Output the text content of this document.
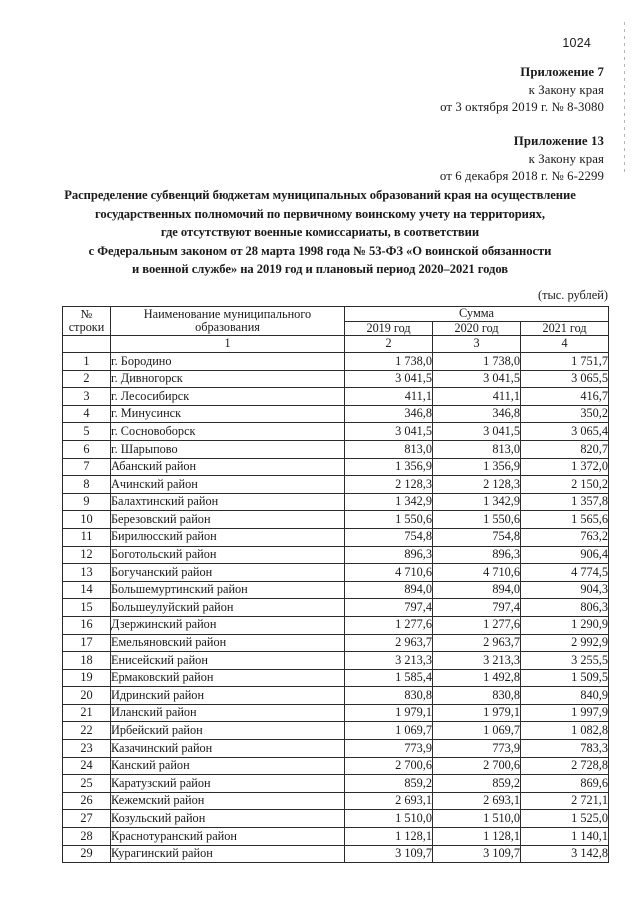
1024
Приложение 7
к Закону края
от 3 октября 2019 г. № 8-3080
Приложение 13
к Закону края
от 6 декабря 2018 г. № 6-2299
Распределение субвенций бюджетам муниципальных образований края на осуществление
государственных полномочий по первичному воинскому учету на территориях,
где отсутствуют военные комиссариаты, в соответствии
с Федеральным законом от 28 марта 1998 года № 53-ФЗ «О воинской обязанности
и военной службе» на 2019 год и плановый период 2020–2021 годов
(тыс. рублей)
№
строки	Наименование муниципального образования	Сумма		
		2019 год	2020 год	2021 год
	1	2	3	4
1	г. Бородино	1 738,0	1 738,0	1 751,7
2	г. Дивногорск	3 041,5	3 041,5	3 065,5
3	г. Лесосибирск	411,1	411,1	416,7
4	г. Минусинск	346,8	346,8	350,2
5	г. Сосновоборск	3 041,5	3 041,5	3 065,4
6	г. Шарыпово	813,0	813,0	820,7
7	Абанский район	1 356,9	1 356,9	1 372,0
8	Ачинский район	2 128,3	2 128,3	2 150,2
9	Балахтинский район	1 342,9	1 342,9	1 357,8
10	Березовский район	1 550,6	1 550,6	1 565,6
11	Бирилюсский район	754,8	754,8	763,2
12	Боготольский район	896,3	896,3	906,4
13	Богучанский район	4 710,6	4 710,6	4 774,5
14	Большемуртинский район	894,0	894,0	904,3
15	Большеулуйский район	797,4	797,4	806,3
16	Дзержинский район	1 277,6	1 277,6	1 290,9
17	Емельяновский район	2 963,7	2 963,7	2 992,9
18	Енисейский район	3 213,3	3 213,3	3 255,5
19	Ермаковский район	1 585,4	1 492,8	1 509,5
20	Идринский район	830,8	830,8	840,9
21	Иланский район	1 979,1	1 979,1	1 997,9
22	Ирбейский район	1 069,7	1 069,7	1 082,8
23	Казачинский район	773,9	773,9	783,3
24	Канский район	2 700,6	2 700,6	2 728,8
25	Каратузский район	859,2	859,2	869,6
26	Кежемский район	2 693,1	2 693,1	2 721,1
27	Козульский район	1 510,0	1 510,0	1 525,0
28	Краснотуранский район	1 128,1	1 128,1	1 140,1
29	Курагинский район	3 109,7	3 109,7	3 142,8
